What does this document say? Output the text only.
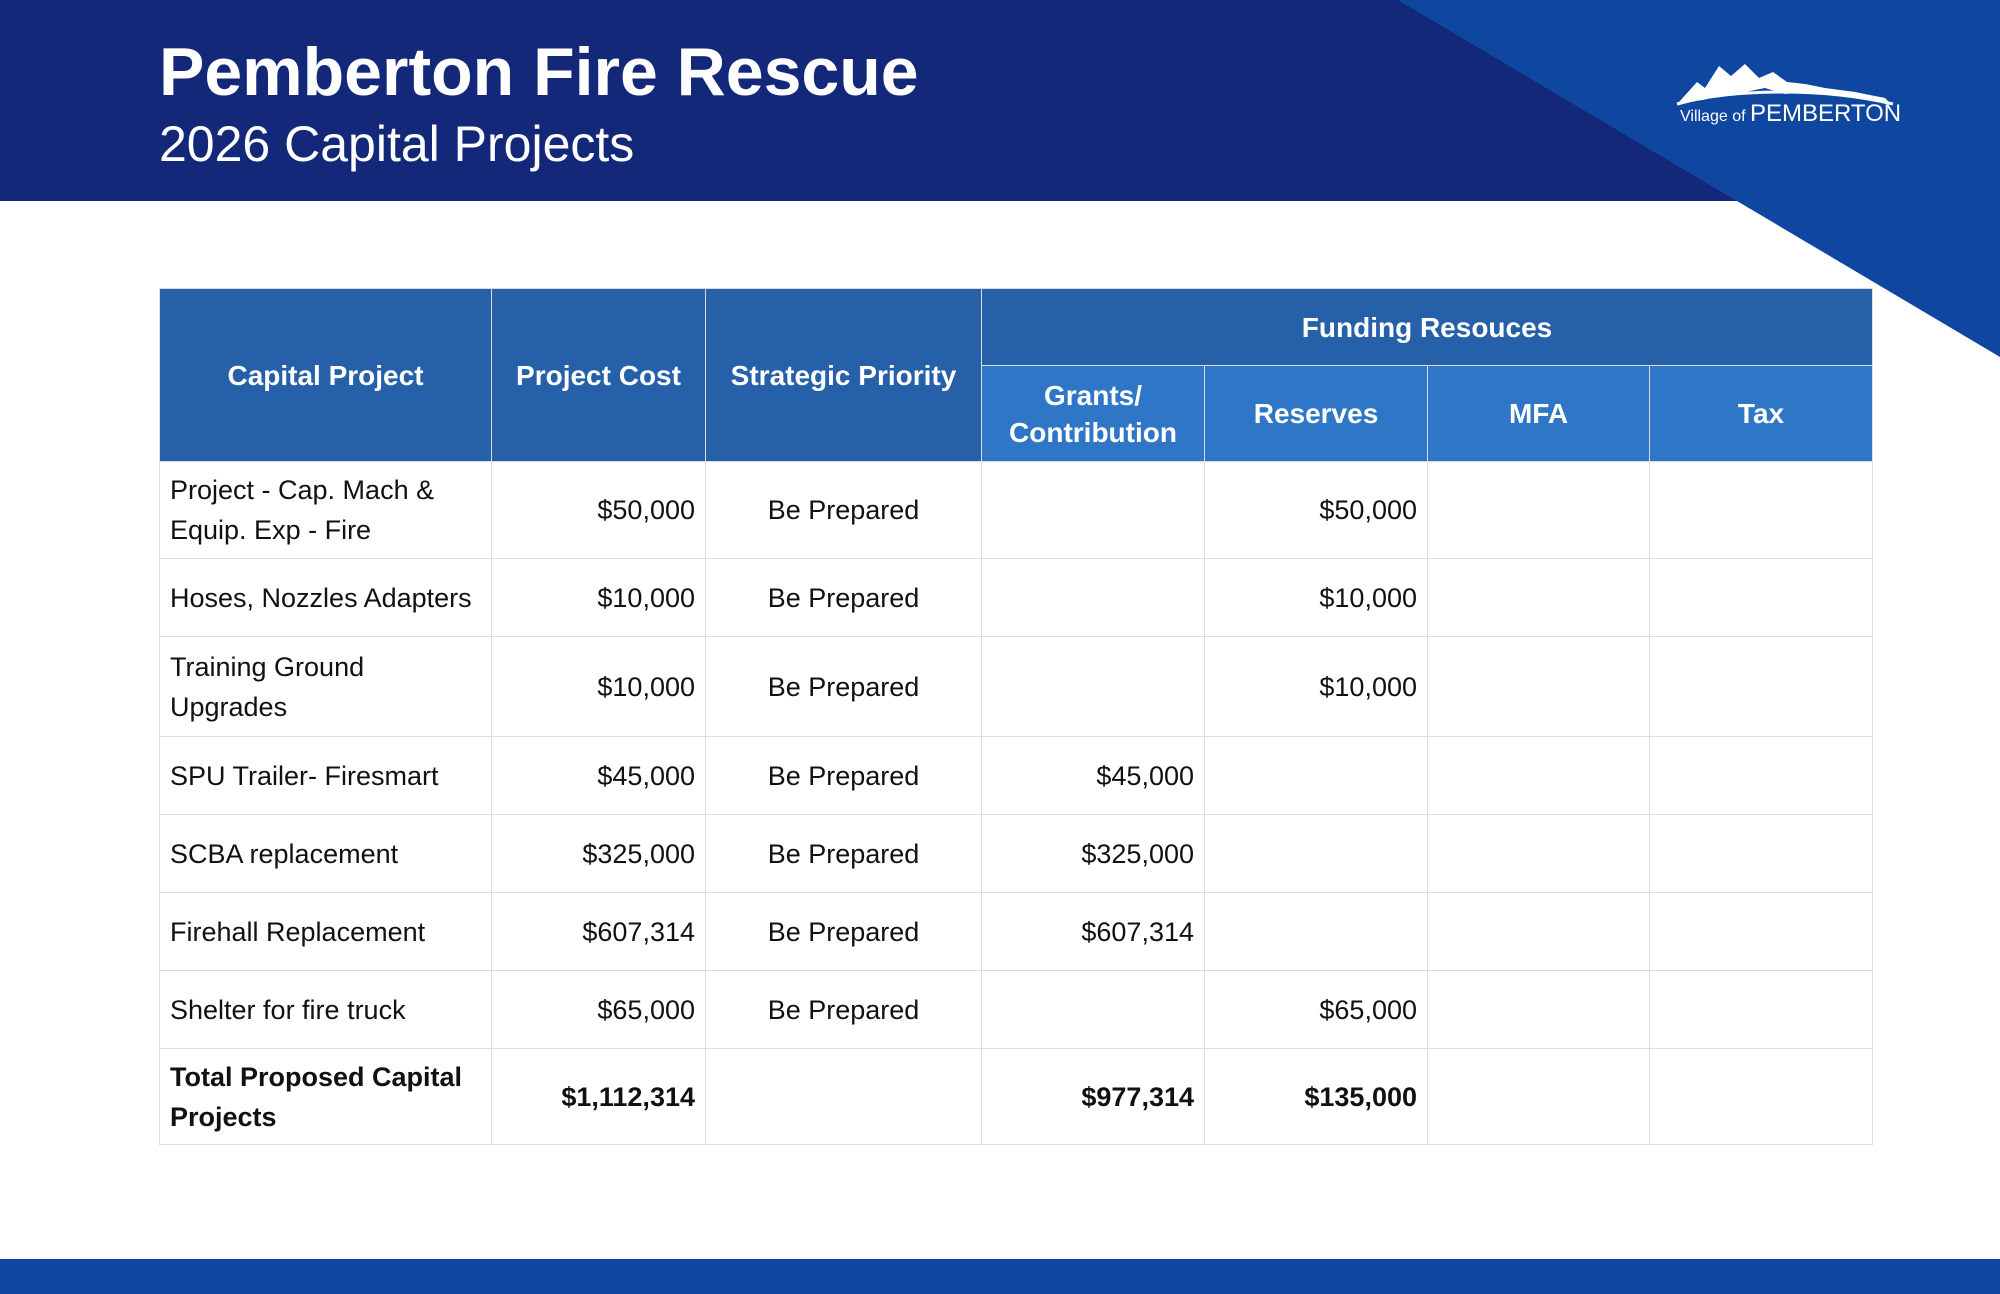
Pemberton Fire Rescue
2026 Capital Projects	Village of PEMBERTON
Capital Project	Project Cost	Strategic Priority	Funding Resouces			
			Grants/
Contribution	Reserves	MFA	Tax
Project - Cap. Mach & Equip. Exp - Fire	$50,000	Be Prepared		$50,000		
Hoses, Nozzles Adapters	$10,000	Be Prepared		$10,000		
Training Ground Upgrades	$10,000	Be Prepared		$10,000		
SPU Trailer- Firesmart	$45,000	Be Prepared	$45,000			
SCBA replacement	$325,000	Be Prepared	$325,000			
Firehall Replacement	$607,314	Be Prepared	$607,314			
Shelter for fire truck	$65,000	Be Prepared		$65,000		
Total Proposed Capital Projects	$1,112,314		$977,314	$135,000		
